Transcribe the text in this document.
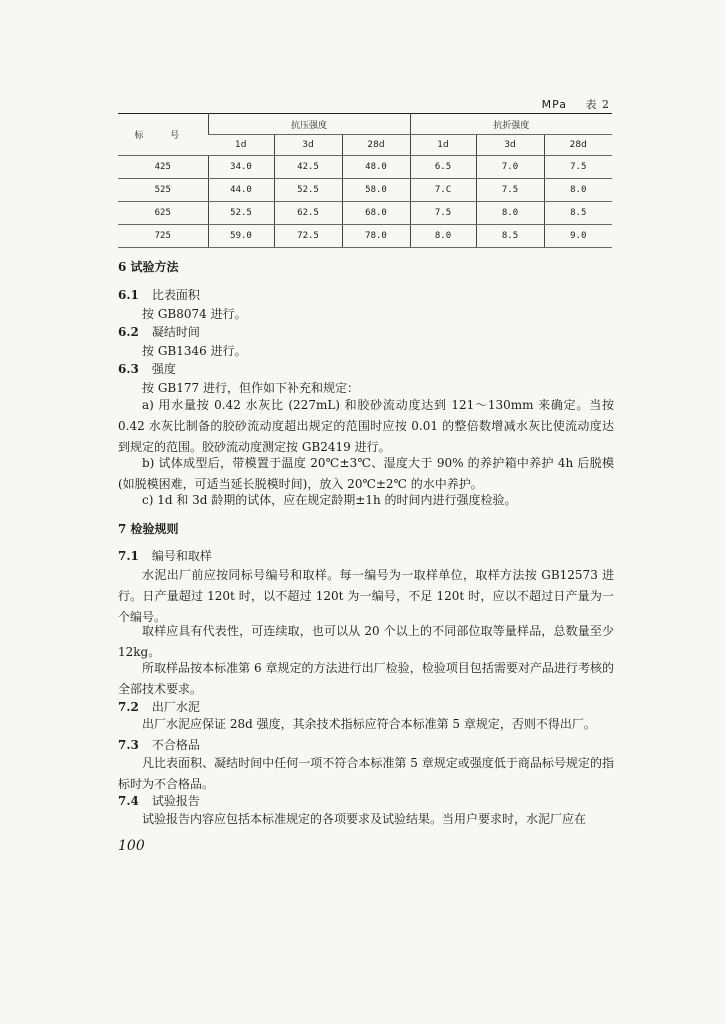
MPa 表 2
标 号	抗压强度			抗折强度		
	1d	3d	28d	1d	3d	28d
425	34.0	42.5	48.0	6.5	7.0	7.5
525	44.0	52.5	58.0	7.C	7.5	8.0
625	52.5	62.5	68.0	7.5	8.0	8.5
725	59.0	72.5	78.0	8.0	8.5	9.0
6 试验方法
6.1 比表面积
按 GB8074 进行。
6.2 凝结时间
按 GB1346 进行。
6.3 强度
按 GB177 进行，但作如下补充和规定：
a) 用水量按 0.42 水灰比 (227mL) 和胶砂流动度达到 121～130mm 来确定。当按 0.42 水灰比制备的胶砂流动度超出规定的范围时应按 0.01 的整倍数增减水灰比使流动度达到规定的范围。胶砂流动度测定按 GB2419 进行。
b) 试体成型后，带模置于温度 20℃±3℃、湿度大于 90% 的养护箱中养护 4h 后脱模 (如脱模困难，可适当延长脱模时间)，放入 20℃±2℃ 的水中养护。
c) 1d 和 3d 龄期的试体，应在规定龄期±1h 的时间内进行强度检验。
7 检验规则
7.1 编号和取样
水泥出厂前应按同标号编号和取样。每一编号为一取样单位，取样方法按 GB12573 进行。日产量超过 120t 时，以不超过 120t 为一编号，不足 120t 时，应以不超过日产量为一个编号。
取样应具有代表性，可连续取，也可以从 20 个以上的不同部位取等量样品，总数量至少 12kg。
所取样品按本标准第 6 章规定的方法进行出厂检验，检验项目包括需要对产品进行考核的全部技术要求。
7.2 出厂水泥
出厂水泥应保证 28d 强度，其余技术指标应符合本标准第 5 章规定，否则不得出厂。
7.3 不合格品
凡比表面积、凝结时间中任何一项不符合本标准第 5 章规定或强度低于商品标号规定的指标时为不合格品。
7.4 试验报告
试验报告内容应包括本标准规定的各项要求及试验结果。当用户要求时，水泥厂应在
100
